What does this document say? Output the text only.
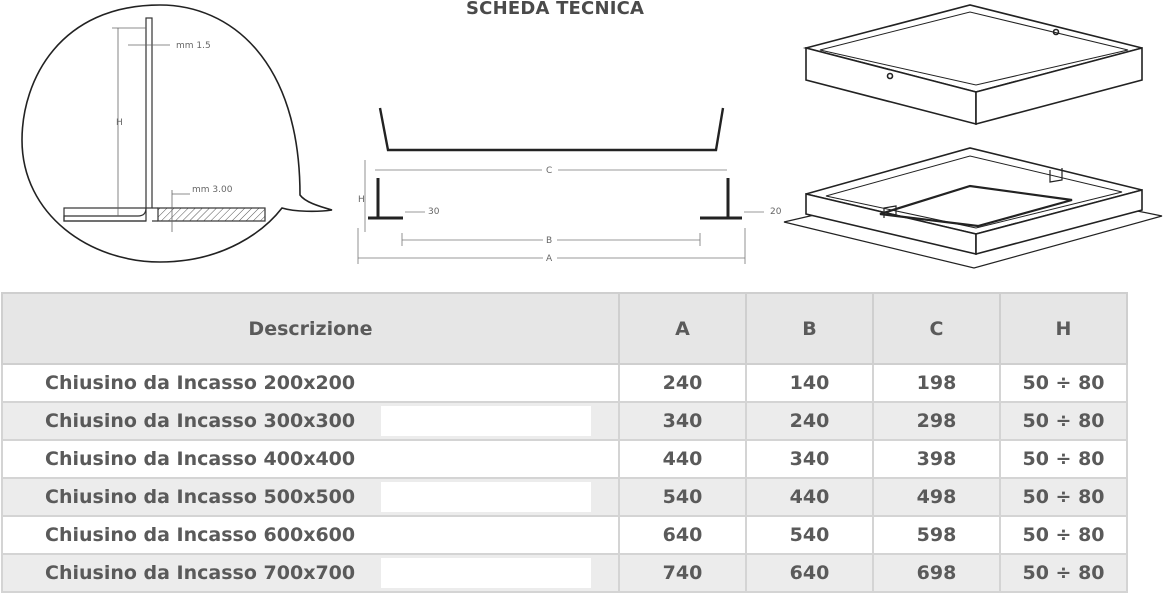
SCHEDA TECNICA
H
mm 1.5
mm 3.00
C
H
30	20
B
A
Descrizione	A	B	C	H
Chiusino da Incasso 200x200	240	140	198	50 ÷ 80
Chiusino da Incasso 300x300	340	240	298	50 ÷ 80
Chiusino da Incasso 400x400	440	340	398	50 ÷ 80
Chiusino da Incasso 500x500	540	440	498	50 ÷ 80
Chiusino da Incasso 600x600	640	540	598	50 ÷ 80
Chiusino da Incasso 700x700	740	640	698	50 ÷ 80
